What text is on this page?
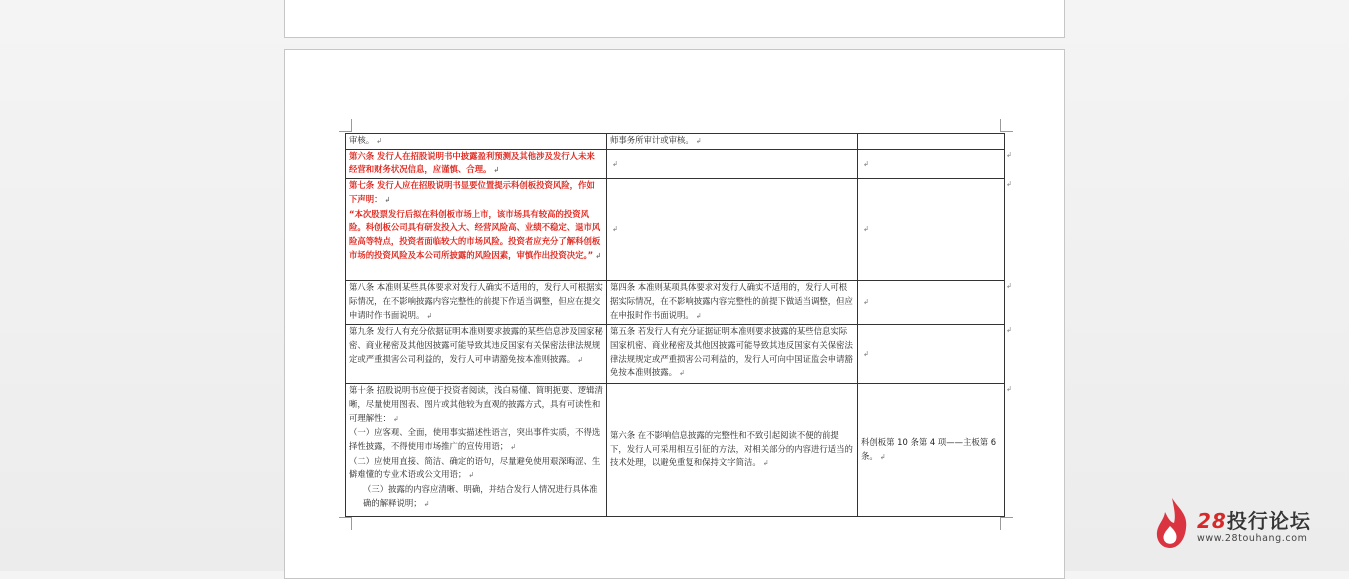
审核。 ↲	师事务所审计或审核。 ↲	

第六条 发行人在招股说明书中披露盈利预测及其他涉及发行人未来经营和财务状况信息，应谨慎、合理。 ↲	↲	↲

第七条 发行人应在招股说明书显要位置提示科创板投资风险，作如下声明： ↲
“本次股票发行后拟在科创板市场上市，该市场具有较高的投资风险。科创板公司具有研发投入大、经营风险高、业绩不稳定、退市风险高等特点，投资者面临较大的市场风险。投资者应充分了解科创板市场的投资风险及本公司所披露的风险因素，审慎作出投资决定。” ↲	↲	↲

第八条 本准则某些具体要求对发行人确实不适用的，发行人可根据实际情况，在不影响披露内容完整性的前提下作适当调整，但应在提交申请时作书面说明。 ↲	第四条 本准则某项具体要求对发行人确实不适用的，发行人可根据实际情况，在不影响披露内容完整性的前提下做适当调整，但应在申报时作书面说明。 ↲	↲

第九条 发行人有充分依据证明本准则要求披露的某些信息涉及国家秘密、商业秘密及其他因披露可能导致其违反国家有关保密法律法规规定或严重损害公司利益的，发行人可申请豁免按本准则披露。 ↲	第五条 若发行人有充分证据证明本准则要求披露的某些信息实际国家机密、商业秘密及其他因披露可能导致其违反国家有关保密法律法规规定或严重损害公司利益的，发行人可向中国证监会申请豁免按本准则披露。 ↲	↲

第十条 招股说明书应便于投资者阅读，浅白易懂、简明扼要、逻辑清晰，尽量使用图表、图片或其他较为直观的披露方式，具有可读性和可理解性： ↲
（一）应客观、全面，使用事实描述性语言，突出事件实质，不得选择性披露，不得使用市场推广的宣传用语； ↲
（二）应使用直接、简洁、确定的语句，尽量避免使用艰深晦涩、生僻难懂的专业术语或公文用语； ↲
（三）披露的内容应清晰、明确，并结合发行人情况进行具体准确的解释说明； ↲	第六条 在不影响信息披露的完整性和不致引起阅读不便的前提下，发行人可采用相互引征的方法，对相关部分的内容进行适当的技术处理，以避免重复和保持文字简洁。 ↲	科创板第 10 条第 4 项——主板第 6 条。 ↲
↲
↲
↲
↲
↲
28投行论坛
www.28touhang.com
